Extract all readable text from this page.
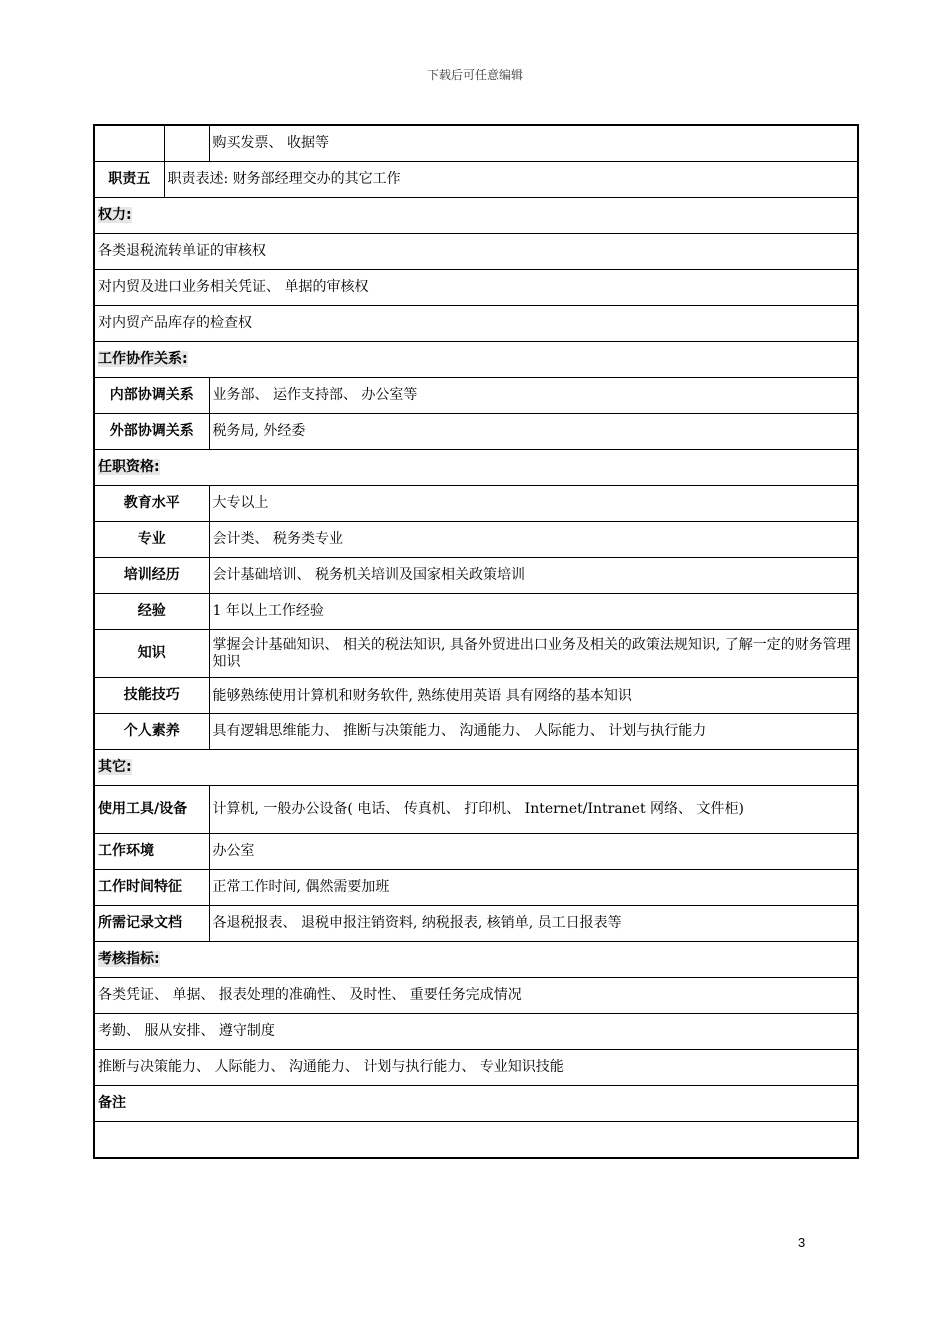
下载后可任意编辑
		购买发票、 收据等
职责五	职责表述: 财务部经理交办的其它工作	
权力:		
各类退税流转单证的审核权		
对内贸及进口业务相关凭证、 单据的审核权		
对内贸产品库存的检查权		
工作协作关系:		
内部协调关系		业务部、 运作支持部、 办公室等
外部协调关系		税务局, 外经委
任职资格:		
教育水平		大专以上
专业		会计类、 税务类专业
培训经历		会计基础培训、 税务机关培训及国家相关政策培训
经验		1 年以上工作经验
知识		掌握会计基础知识、 相关的税法知识, 具备外贸进出口业务及相关的政策法规知识, 了解一定的财务管理知识
技能技巧		能够熟练使用计算机和财务软件, 熟练使用英语 具有网络的基本知识
个人素养		具有逻辑思维能力、 推断与决策能力、 沟通能力、 人际能力、 计划与执行能力
其它:		
使用工具/设备		计算机, 一般办公设备( 电话、 传真机、 打印机、 Internet/Intranet 网络、 文件柜)
工作环境		办公室
工作时间特征		正常工作时间, 偶然需要加班
所需记录文档		各退税报表、 退税申报注销资料, 纳税报表, 核销单, 员工日报表等
考核指标:		
各类凭证、 单据、 报表处理的准确性、 及时性、 重要任务完成情况		
考勤、 服从安排、 遵守制度		
推断与决策能力、 人际能力、 沟通能力、 计划与执行能力、 专业知识技能		
备注		

3
